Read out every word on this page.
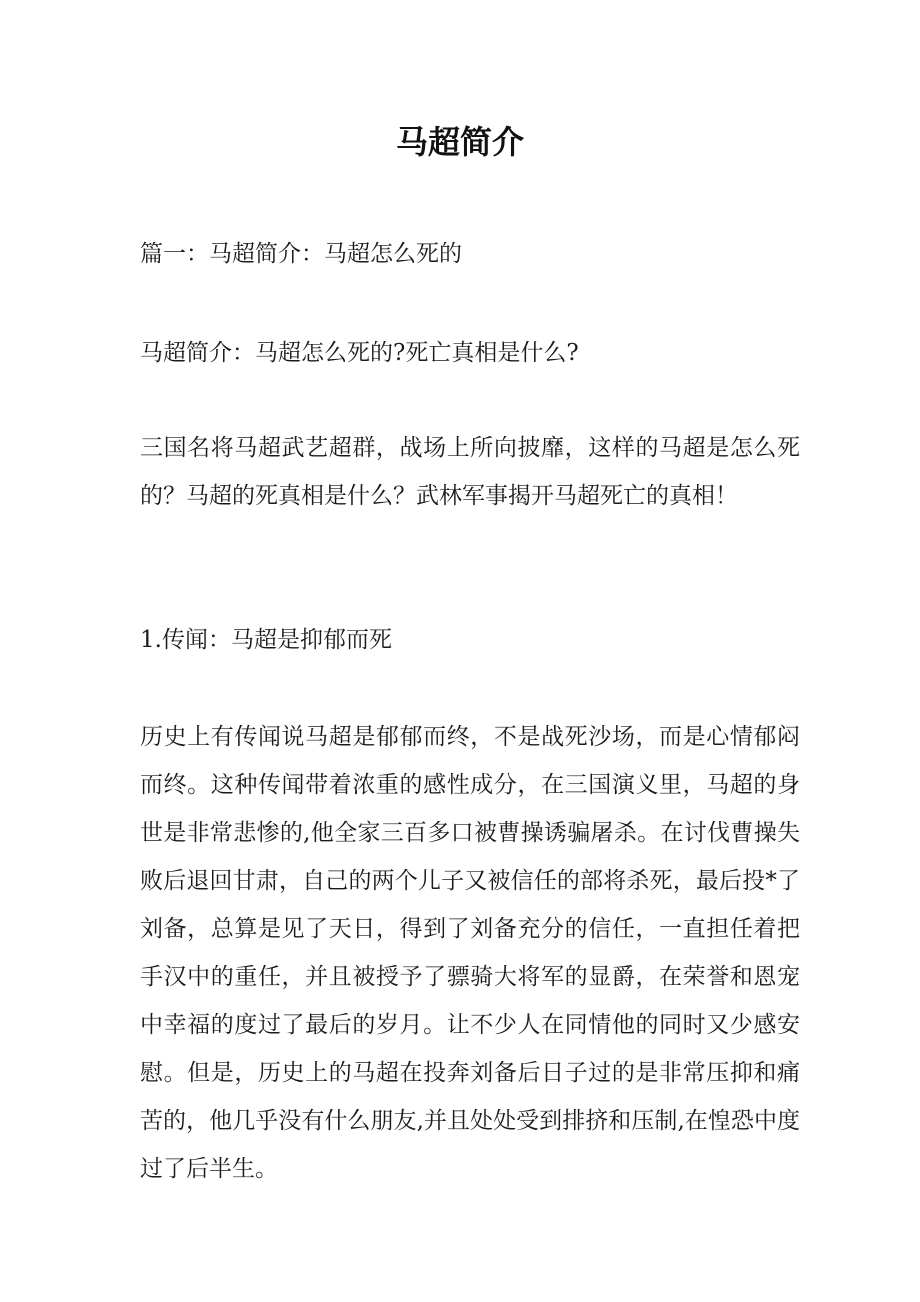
马超简介

篇一：马超简介：马超怎么死的

马超简介：马超怎么死的?死亡真相是什么?

三国名将马超武艺超群，战场上所向披靡，这样的马超是怎么死的？马超的死真相是什么？武林军事揭开马超死亡的真相！

1.传闻：马超是抑郁而死

历史上有传闻说马超是郁郁而终，不是战死沙场，而是心情郁闷而终。这种传闻带着浓重的感性成分，在三国演义里，马超的身世是非常悲惨的,他全家三百多口被曹操诱骗屠杀。在讨伐曹操失败后退回甘肃，自己的两个儿子又被信任的部将杀死，最后投*了刘备，总算是见了天日，得到了刘备充分的信任，一直担任着把手汉中的重任，并且被授予了骠骑大将军的显爵，在荣誉和恩宠中幸福的度过了最后的岁月。让不少人在同情他的同时又少感安慰。但是，历史上的马超在投奔刘备后日子过的是非常压抑和痛苦的，他几乎没有什么朋友,并且处处受到排挤和压制,在惶恐中度过了后半生。
